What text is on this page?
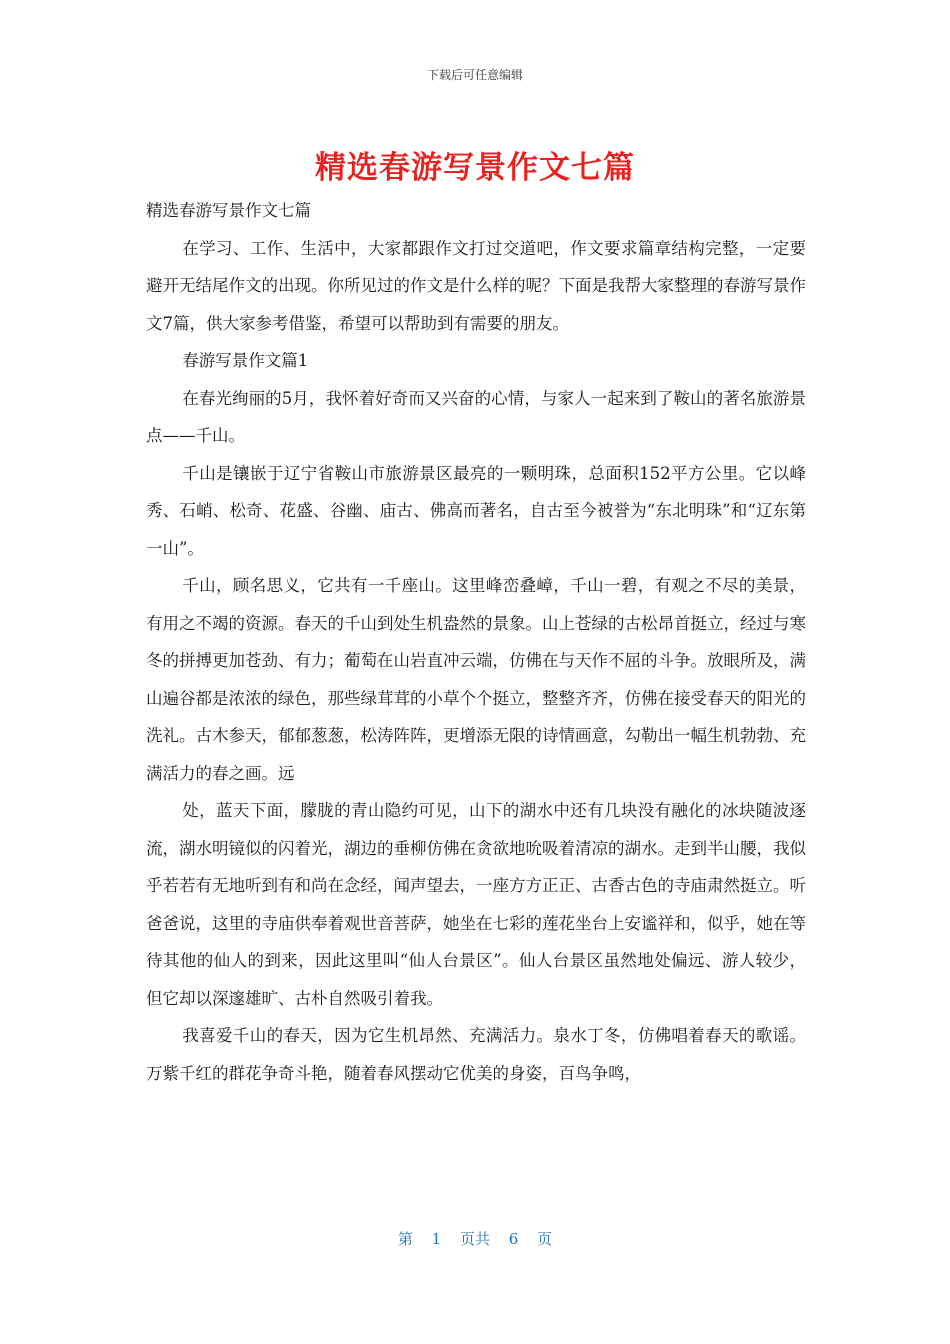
下载后可任意编辑
精选春游写景作文七篇

精选春游写景作文七篇

在学习、工作、生活中，大家都跟作文打过交道吧，作文要求篇章结构完整，一定要避开无结尾作文的出现。你所见过的作文是什么样的呢？下面是我帮大家整理的春游写景作文7篇，供大家参考借鉴，希望可以帮助到有需要的朋友。

春游写景作文篇1

在春光绚丽的5月，我怀着好奇而又兴奋的心情，与家人一起来到了鞍山的著名旅游景点——千山。

千山是镶嵌于辽宁省鞍山市旅游景区最亮的一颗明珠，总面积152平方公里。它以峰秀、石峭、松奇、花盛、谷幽、庙古、佛高而著名，自古至今被誉为“东北明珠”和“辽东第一山”。

千山，顾名思义，它共有一千座山。这里峰峦叠嶂，千山一碧，有观之不尽的美景，有用之不竭的资源。春天的千山到处生机盎然的景象。山上苍绿的古松昂首挺立，经过与寒冬的拼搏更加苍劲、有力；葡萄在山岩直冲云端，仿佛在与天作不屈的斗争。放眼所及，满山遍谷都是浓浓的绿色，那些绿茸茸的小草个个挺立，整整齐齐，仿佛在接受春天的阳光的洗礼。古木参天，郁郁葱葱，松涛阵阵，更增添无限的诗情画意，勾勒出一幅生机勃勃、充满活力的春之画。远

处，蓝天下面，朦胧的青山隐约可见，山下的湖水中还有几块没有融化的冰块随波逐流，湖水明镜似的闪着光，湖边的垂柳仿佛在贪欲地吮吸着清凉的湖水。走到半山腰，我似乎若若有无地听到有和尚在念经，闻声望去，一座方方正正、古香古色的寺庙肃然挺立。听爸爸说，这里的寺庙供奉着观世音菩萨，她坐在七彩的莲花坐台上安谧祥和，似乎，她在等待其他的仙人的到来，因此这里叫“仙人台景区”。仙人台景区虽然地处偏远、游人较少，但它却以深邃雄旷、古朴自然吸引着我。

我喜爱千山的春天，因为它生机昂然、充满活力。泉水丁冬，仿佛唱着春天的歌谣。万紫千红的群花争奇斗艳，随着春风摆动它优美的身姿，百鸟争鸣，

第 1 页共 6 页
